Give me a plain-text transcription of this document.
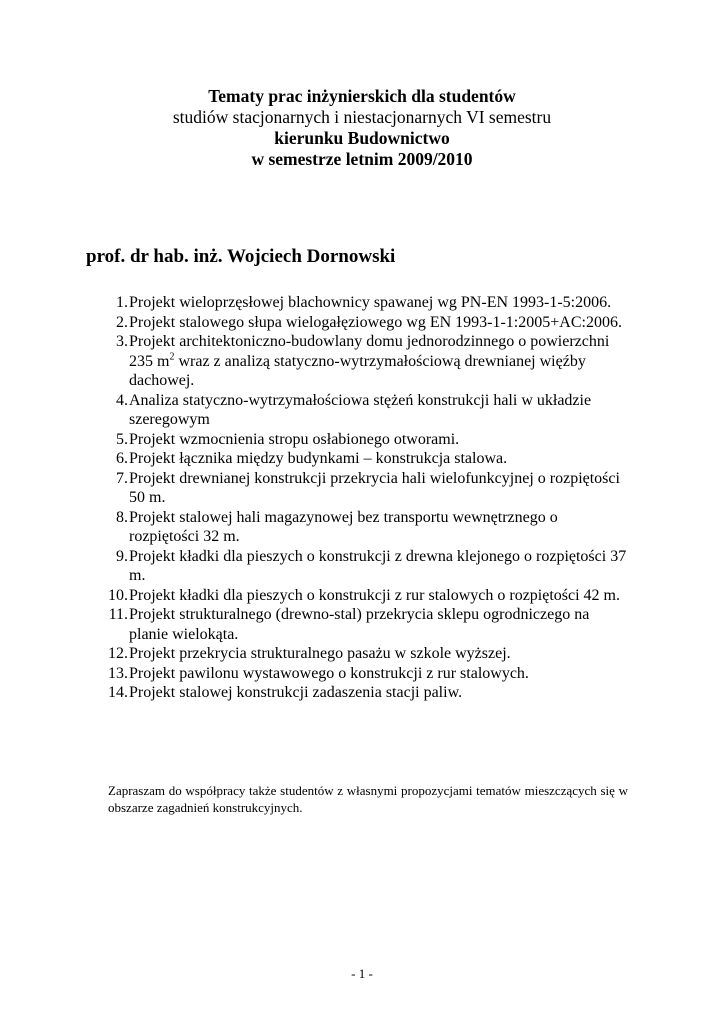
Tematy prac inżynierskich dla studentów
studiów stacjonarnych i niestacjonarnych VI semestru
kierunku Budownictwo
w semestrze letnim 2009/2010
prof. dr hab. inż. Wojciech Dornowski
1. Projekt wieloprzęsłowej blachownicy spawanej wg PN-EN 1993-1-5:2006.
2. Projekt stalowego słupa wielogałęziowego wg EN 1993-1-1:2005+AC:2006.
3. Projekt architektoniczno-budowlany domu jednorodzinnego o powierzchni 235 $m^2$ wraz z analizą statyczno-wytrzymałościową drewnianej więźby dachowej.
4. Analiza statyczno-wytrzymałościowa stężeń konstrukcji hali w układzie szeregowym
5. Projekt wzmocnienia stropu osłabionego otworami.
6. Projekt łącznika między budynkami – konstrukcja stalowa.
7. Projekt drewnianej konstrukcji przekrycia hali wielofunkcyjnej o rozpiętości 50 m.
8. Projekt stalowej hali magazynowej bez transportu wewnętrznego o rozpiętości 32 m.
9. Projekt kładki dla pieszych o konstrukcji z drewna klejonego o rozpiętości 37 m.
10. Projekt kładki dla pieszych o konstrukcji z rur stalowych o rozpiętości 42 m.
11. Projekt strukturalnego (drewno-stal) przekrycia sklepu ogrodniczego na planie wielokąta.
12. Projekt przekrycia strukturalnego pasażu w szkole wyższej.
13. Projekt pawilonu wystawowego o konstrukcji z rur stalowych.
14. Projekt stalowej konstrukcji zadaszenia stacji paliw.
Zapraszam do współpracy także studentów z własnymi propozycjami tematów mieszczących się w obszarze zagadnień konstrukcyjnych.
- 1 -
